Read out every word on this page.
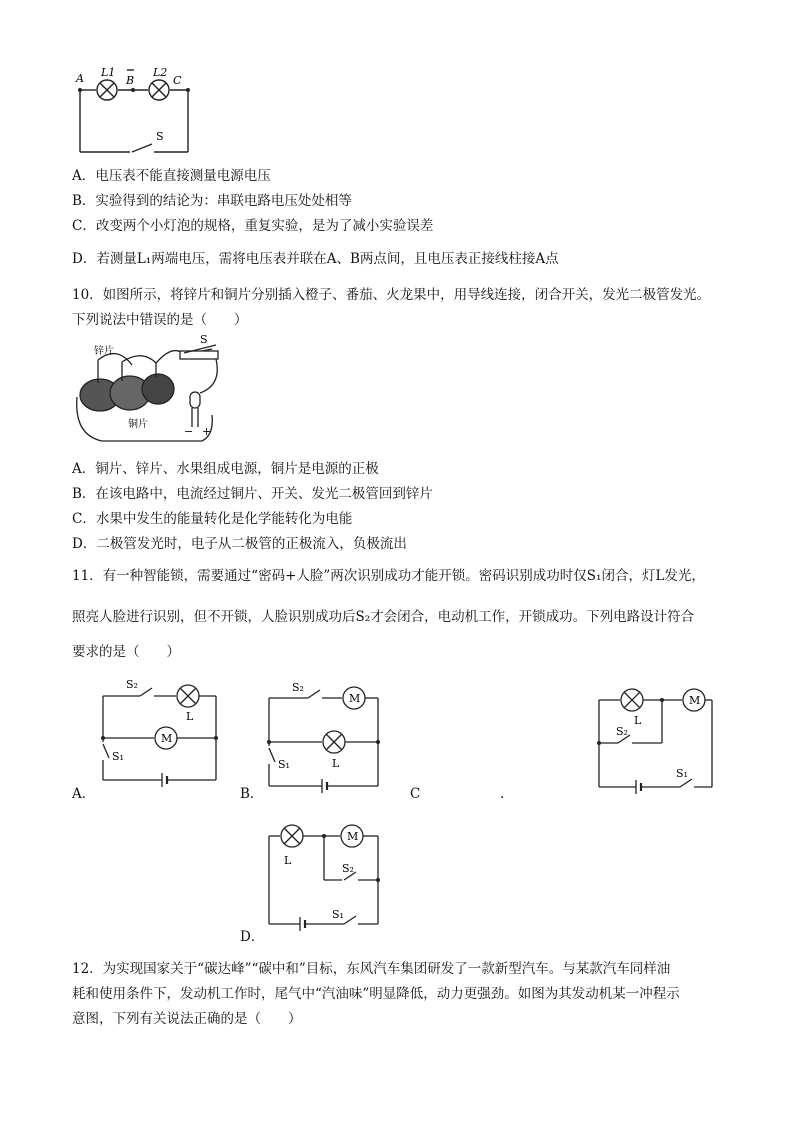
A L1
B
L2
C
S
A．电压表不能直接测量电源电压
B．实验得到的结论为：串联电路电压处处相等
C．改变两个小灯泡的规格，重复实验，是为了减小实验误差
D．若测量L₁两端电压，需将电压表并联在A、B两点间，且电压表正接线柱接A点
10．如图所示，将锌片和铜片分别插入橙子、番茄、火龙果中，用导线连接，闭合开关，发光二极管发光。
下列说法中错误的是（　　）
锌片
S
铜片
− +
A．铜片、锌片、水果组成电源，铜片是电源的正极
B．在该电路中，电流经过铜片、开关、发光二极管回到锌片
C．水果中发生的能量转化是化学能转化为电能
D．二极管发光时，电子从二极管的正极流入，负极流出
11．有一种智能锁，需要通过“密码+人脸”两次识别成功才能开锁。密码识别成功时仅S₁闭合，灯L发光，
照亮人脸进行识别，但不开锁，人脸识别成功后S₂才会闭合，电动机工作，开锁成功。下列电路设计符合
要求的是（　　）
S₂
L
M
S₁
A．
S₂
M
L
S₁
B．	C	.
L
M
S₂
S₁
L
M
S₂
S₁
D．
12．为实现国家关于“碳达峰”“碳中和”目标，东风汽车集团研发了一款新型汽车。与某款汽车同样油
耗和使用条件下，发动机工作时，尾气中“汽油味”明显降低，动力更强劲。如图为其发动机某一冲程示
意图，下列有关说法正确的是（　　）
